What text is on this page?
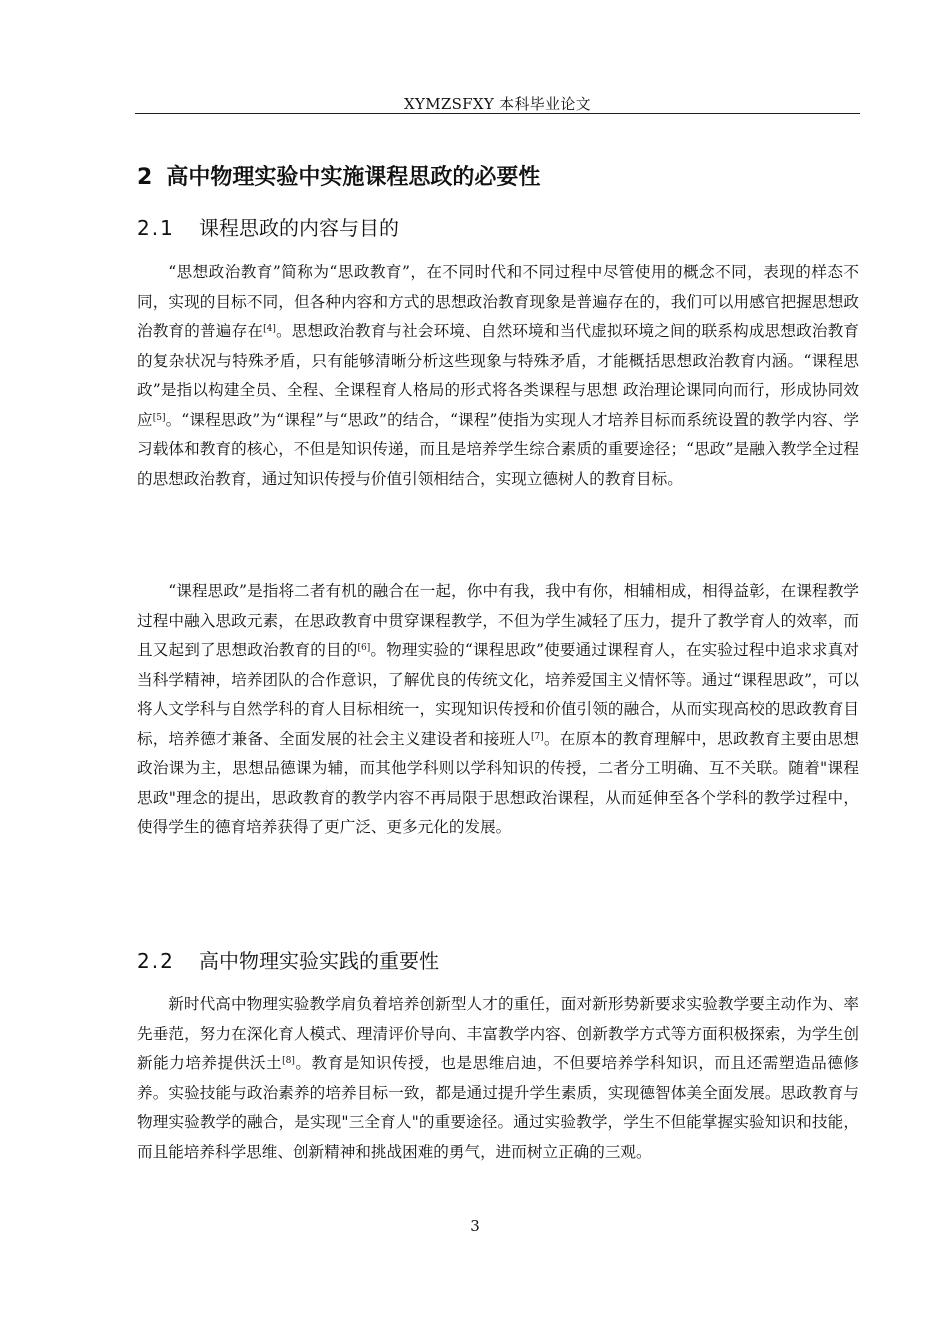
XYMZSFXY 本科毕业论文
2 高中物理实验中实施课程思政的必要性
2.1 课程思政的内容与目的

“思想政治教育”简称为“思政教育”，在不同时代和不同过程中尽管使用的概念不同，表现的样态不同，实现的目标不同，但各种内容和方式的思想政治教育现象是普遍存在的，我们可以用感官把握思想政治教育的普遍存在[4]。思想政治教育与社会环境、自然环境和当代虚拟环境之间的联系构成思想政治教育的复杂状况与特殊矛盾，只有能够清晰分析这些现象与特殊矛盾，才能概括思想政治教育内涵。“课程思政”是指以构建全员、全程、全课程育人格局的形式将各类课程与思想 政治理论课同向而行，形成协同效应[5]。“课程思政”为“课程”与“思政”的结合，“课程”使指为实现人才培养目标而系统设置的教学内容、学习载体和教育的核心，不但是知识传递，而且是培养学生综合素质的重要途径；“思政”是融入教学全过程的思想政治教育，通过知识传授与价值引领相结合，实现立德树人的教育目标。

“课程思政”是指将二者有机的融合在一起，你中有我，我中有你，相辅相成，相得益彰，在课程教学过程中融入思政元素，在思政教育中贯穿课程教学，不但为学生减轻了压力，提升了教学育人的效率，而且又起到了思想政治教育的目的[6]。物理实验的“课程思政”使要通过课程育人，在实验过程中追求求真对当科学精神，培养团队的合作意识，了解优良的传统文化，培养爱国主义情怀等。通过“课程思政”，可以将人文学科与自然学科的育人目标相统一，实现知识传授和价值引领的融合，从而实现高校的思政教育目标，培养德才兼备、全面发展的社会主义建设者和接班人[7]。在原本的教育理解中，思政教育主要由思想政治课为主，思想品德课为辅，而其他学科则以学科知识的传授，二者分工明确、互不关联。随着"课程思政"理念的提出，思政教育的教学内容不再局限于思想政治课程，从而延伸至各个学科的教学过程中，使得学生的德育培养获得了更广泛、更多元化的发展。

2.2 高中物理实验实践的重要性

新时代高中物理实验教学肩负着培养创新型人才的重任，面对新形势新要求实验教学要主动作为、率先垂范，努力在深化育人模式、理清评价导向、丰富教学内容、创新教学方式等方面积极探索，为学生创新能力培养提供沃土[8]。教育是知识传授，也是思维启迪，不但要培养学科知识，而且还需塑造品德修养。实验技能与政治素养的培养目标一致，都是通过提升学生素质，实现德智体美全面发展。思政教育与物理实验教学的融合，是实现"三全育人"的重要途径。通过实验教学，学生不但能掌握实验知识和技能，而且能培养科学思维、创新精神和挑战困难的勇气，进而树立正确的三观。

3
